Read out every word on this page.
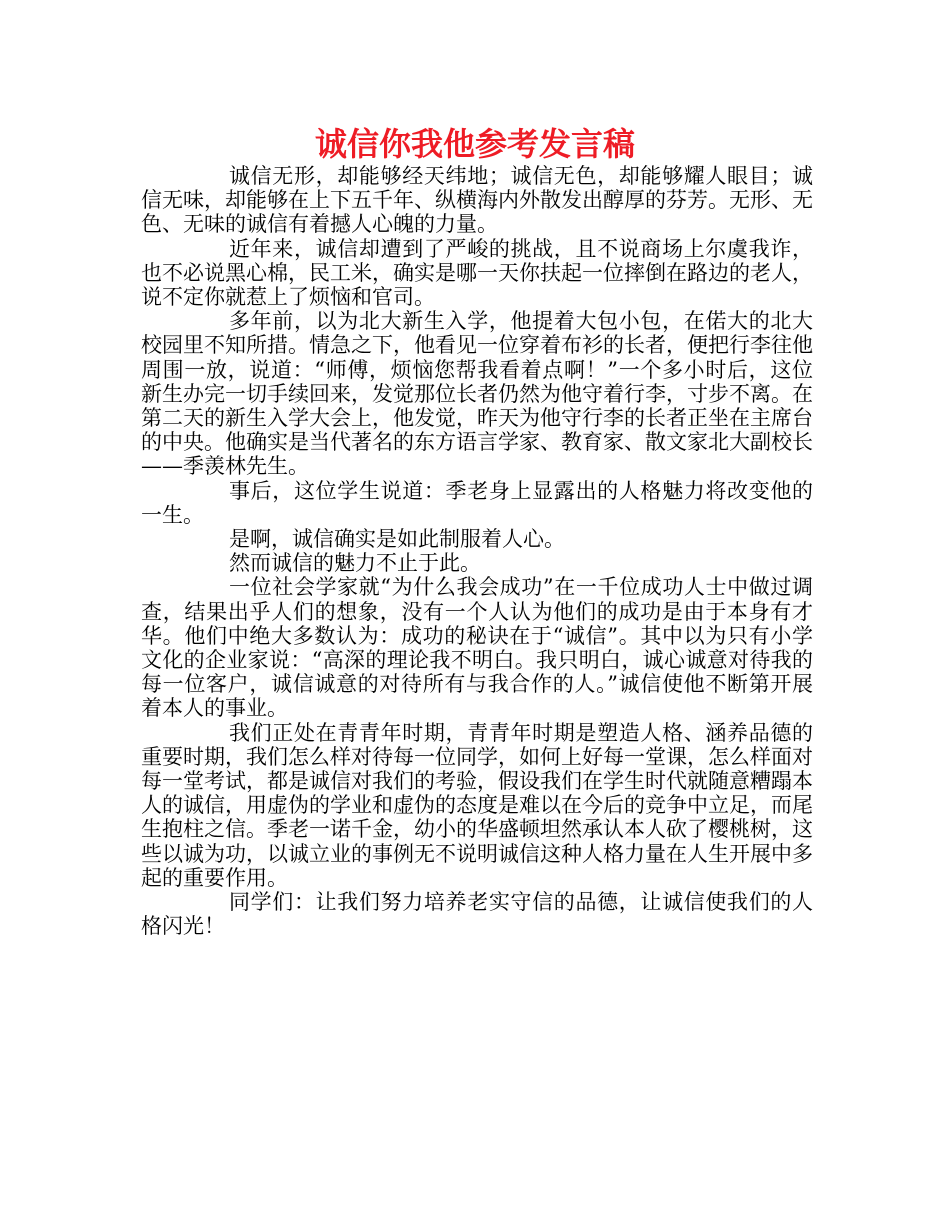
诚信你我他参考发言稿

诚信无形，却能够经天纬地；诚信无色，却能够耀人眼目；诚信无味，却能够在上下五千年、纵横海内外散发出醇厚的芬芳。无形、无色、无味的诚信有着撼人心魄的力量。

近年来，诚信却遭到了严峻的挑战，且不说商场上尔虞我诈，也不必说黑心棉，民工米，确实是哪一天你扶起一位摔倒在路边的老人，说不定你就惹上了烦恼和官司。

多年前，以为北大新生入学，他提着大包小包，在偌大的北大校园里不知所措。情急之下，他看见一位穿着布衫的长者，便把行李往他周围一放，说道：“师傅，烦恼您帮我看着点啊！”一个多小时后，这位新生办完一切手续回来，发觉那位长者仍然为他守着行李，寸步不离。在第二天的新生入学大会上，他发觉，昨天为他守行李的长者正坐在主席台的中央。他确实是当代著名的东方语言学家、教育家、散文家北大副校长——季羡林先生。

事后，这位学生说道：季老身上显露出的人格魅力将改变他的一生。

是啊，诚信确实是如此制服着人心。

然而诚信的魅力不止于此。

一位社会学家就“为什么我会成功”在一千位成功人士中做过调查，结果出乎人们的想象，没有一个人认为他们的成功是由于本身有才华。他们中绝大多数认为：成功的秘诀在于“诚信”。其中以为只有小学文化的企业家说：“高深的理论我不明白。我只明白，诚心诚意对待我的每一位客户，诚信诚意的对待所有与我合作的人。”诚信使他不断第开展着本人的事业。

我们正处在青青年时期，青青年时期是塑造人格、涵养品德的重要时期，我们怎么样对待每一位同学，如何上好每一堂课，怎么样面对每一堂考试，都是诚信对我们的考验，假设我们在学生时代就随意糟蹋本人的诚信，用虚伪的学业和虚伪的态度是难以在今后的竞争中立足，而尾生抱柱之信。季老一诺千金，幼小的华盛顿坦然承认本人砍了樱桃树，这些以诚为功，以诚立业的事例无不说明诚信这种人格力量在人生开展中多起的重要作用。

同学们：让我们努力培养老实守信的品德，让诚信使我们的人格闪光！
